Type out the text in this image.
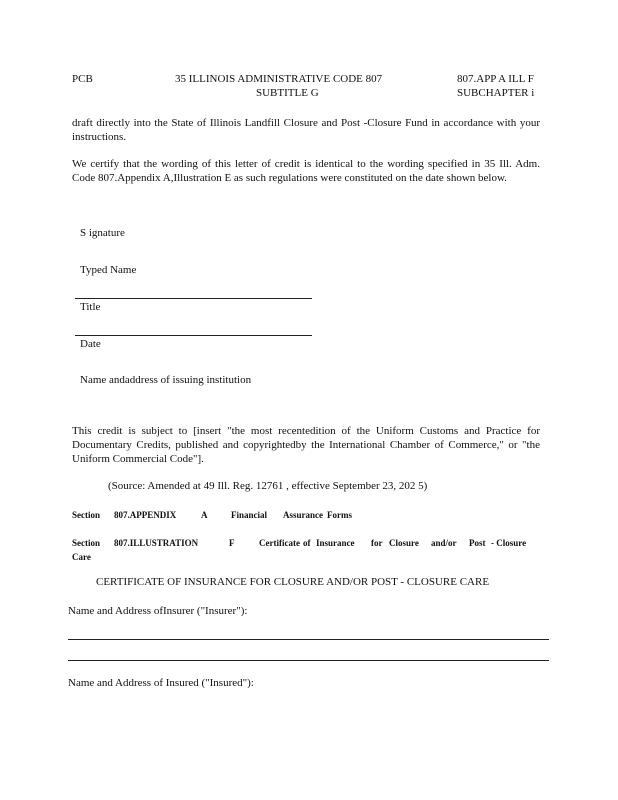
PCB	35 ILLINOIS ADMINISTRATIVE CODE 807
SUBTITLE G
807.APP A ILL F
SUBCHAPTER i
draft directly into the State of Illinois Landfill Closure and Post -Closure Fund in accordance with your instructions.
We certify that the wording of this letter of credit is identical to the wording specified in 35 Ill. Adm. Code 807.Appendix A,Illustration E as such regulations were constituted on the date shown below.
S ignature
Typed Name
Title
Date
Name andaddress of issuing institution
This credit is subject to [insert "the most recentedition of the Uniform Customs and Practice for Documentary Credits, published and copyrightedby the International Chamber of Commerce," or "the Uniform Commercial Code"].
(Source: Amended at 49 Ill. Reg. 12761 , effective September 23, 202 5)
Section 807.APPENDIX	A	Financial Assurance Forms
Section 807.ILLUSTRATION	F	Certificate of Insurance for Closure and/or Post - Closure
Care
CERTIFICATE OF INSURANCE FOR CLOSURE AND/OR POST - CLOSURE CARE
Name and Address ofInsurer ("Insurer"):
Name and Address of Insured ("Insured"):
